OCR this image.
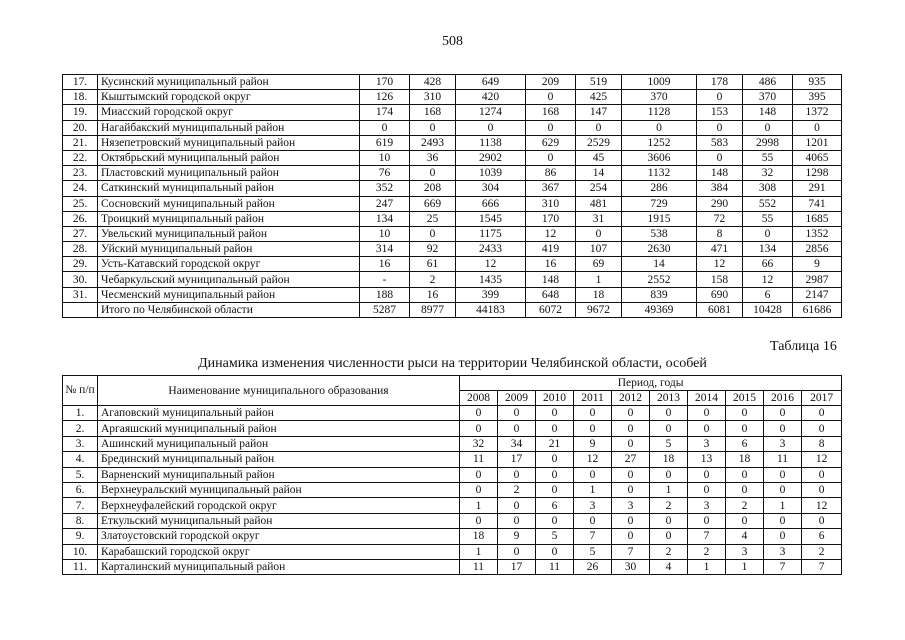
508
17.	Кусинский муниципальный район	170	428	649	209	519	1009	178	486	935
18.	Кыштымский городской округ	126	310	420	0	425	370	0	370	395
19.	Миасский городской округ	174	168	1274	168	147	1128	153	148	1372
20.	Нагайбакский муниципальный район	0	0	0	0	0	0	0	0	0
21.	Нязепетровский муниципальный район	619	2493	1138	629	2529	1252	583	2998	1201
22.	Октябрьский муниципальный район	10	36	2902	0	45	3606	0	55	4065
23.	Пластовский муниципальный район	76	0	1039	86	14	1132	148	32	1298
24.	Саткинский муниципальный район	352	208	304	367	254	286	384	308	291
25.	Сосновский муниципальный район	247	669	666	310	481	729	290	552	741
26.	Троицкий муниципальный район	134	25	1545	170	31	1915	72	55	1685
27.	Увельский муниципальный район	10	0	1175	12	0	538	8	0	1352
28.	Уйский муниципальный район	314	92	2433	419	107	2630	471	134	2856
29.	Усть-Катавский городской округ	16	61	12	16	69	14	12	66	9
30.	Чебаркульский муниципальный район	-	2	1435	148	1	2552	158	12	2987
31.	Чесменский муниципальный район	188	16	399	648	18	839	690	6	2147
	Итого по Челябинской области	5287	8977	44183	6072	9672	49369	6081	10428	61686
Таблица 16
Динамика изменения численности рыси на территории Челябинской области, особей
№ п/п	Наименование муниципального образования	Период, годы									
		2008	2009	2010	2011	2012	2013	2014	2015	2016	2017
1.	Агаповский муниципальный район	0	0	0	0	0	0	0	0	0	0
2.	Аргаяшский муниципальный район	0	0	0	0	0	0	0	0	0	0
3.	Ашинский муниципальный район	32	34	21	9	0	5	3	6	3	8
4.	Брединский муниципальный район	11	17	0	12	27	18	13	18	11	12
5.	Варненский муниципальный район	0	0	0	0	0	0	0	0	0	0
6.	Верхнеуральский муниципальный район	0	2	0	1	0	1	0	0	0	0
7.	Верхнеуфалейский городской округ	1	0	6	3	3	2	3	2	1	12
8.	Еткульский муниципальный район	0	0	0	0	0	0	0	0	0	0
9.	Златоустовский городской округ	18	9	5	7	0	0	7	4	0	6
10.	Карабашский городской округ	1	0	0	5	7	2	2	3	3	2
11.	Карталинский муниципальный район	11	17	11	26	30	4	1	1	7	7
